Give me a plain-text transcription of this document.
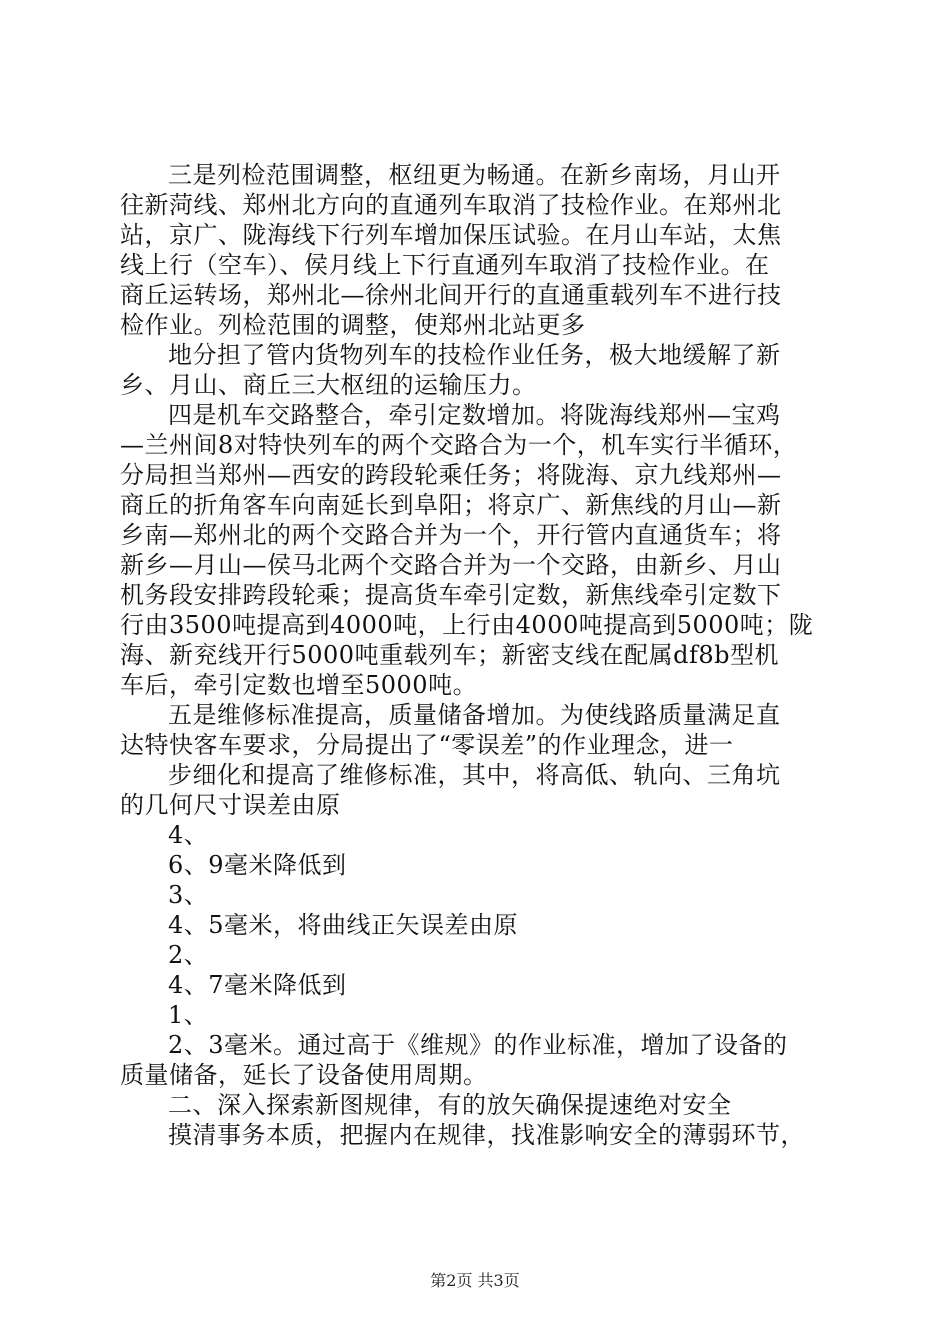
三是列检范围调整，枢纽更为畅通。在新乡南场，月山开
往新菏线、郑州北方向的直通列车取消了技检作业。在郑州北
站，京广、陇海线下行列车增加保压试验。在月山车站，太焦
线上行（空车）、侯月线上下行直通列车取消了技检作业。在
商丘运转场，郑州北—徐州北间开行的直通重载列车不进行技
检作业。列检范围的调整，使郑州北站更多
地分担了管内货物列车的技检作业任务，极大地缓解了新
乡、月山、商丘三大枢纽的运输压力。
四是机车交路整合，牵引定数增加。将陇海线郑州—宝鸡
—兰州间8对特快列车的两个交路合为一个，机车实行半循环，
分局担当郑州—西安的跨段轮乘任务；将陇海、京九线郑州—
商丘的折角客车向南延长到阜阳；将京广、新焦线的月山—新
乡南—郑州北的两个交路合并为一个，开行管内直通货车；将
新乡—月山—侯马北两个交路合并为一个交路，由新乡、月山
机务段安排跨段轮乘；提高货车牵引定数，新焦线牵引定数下
行由3500吨提高到4000吨，上行由4000吨提高到5000吨；陇
海、新兖线开行5000吨重载列车；新密支线在配属df8b型机
车后，牵引定数也增至5000吨。
五是维修标准提高，质量储备增加。为使线路质量满足直
达特快客车要求，分局提出了“零误差”的作业理念，进一
步细化和提高了维修标准，其中，将高低、轨向、三角坑
的几何尺寸误差由原
4、
6、9毫米降低到
3、
4、5毫米，将曲线正矢误差由原
2、
4、7毫米降低到
1、
2、3毫米。通过高于《维规》的作业标准，增加了设备的
质量储备，延长了设备使用周期。
二、深入探索新图规律，有的放矢确保提速绝对安全
摸清事务本质，把握内在规律，找准影响安全的薄弱环节，
第2页 共3页
